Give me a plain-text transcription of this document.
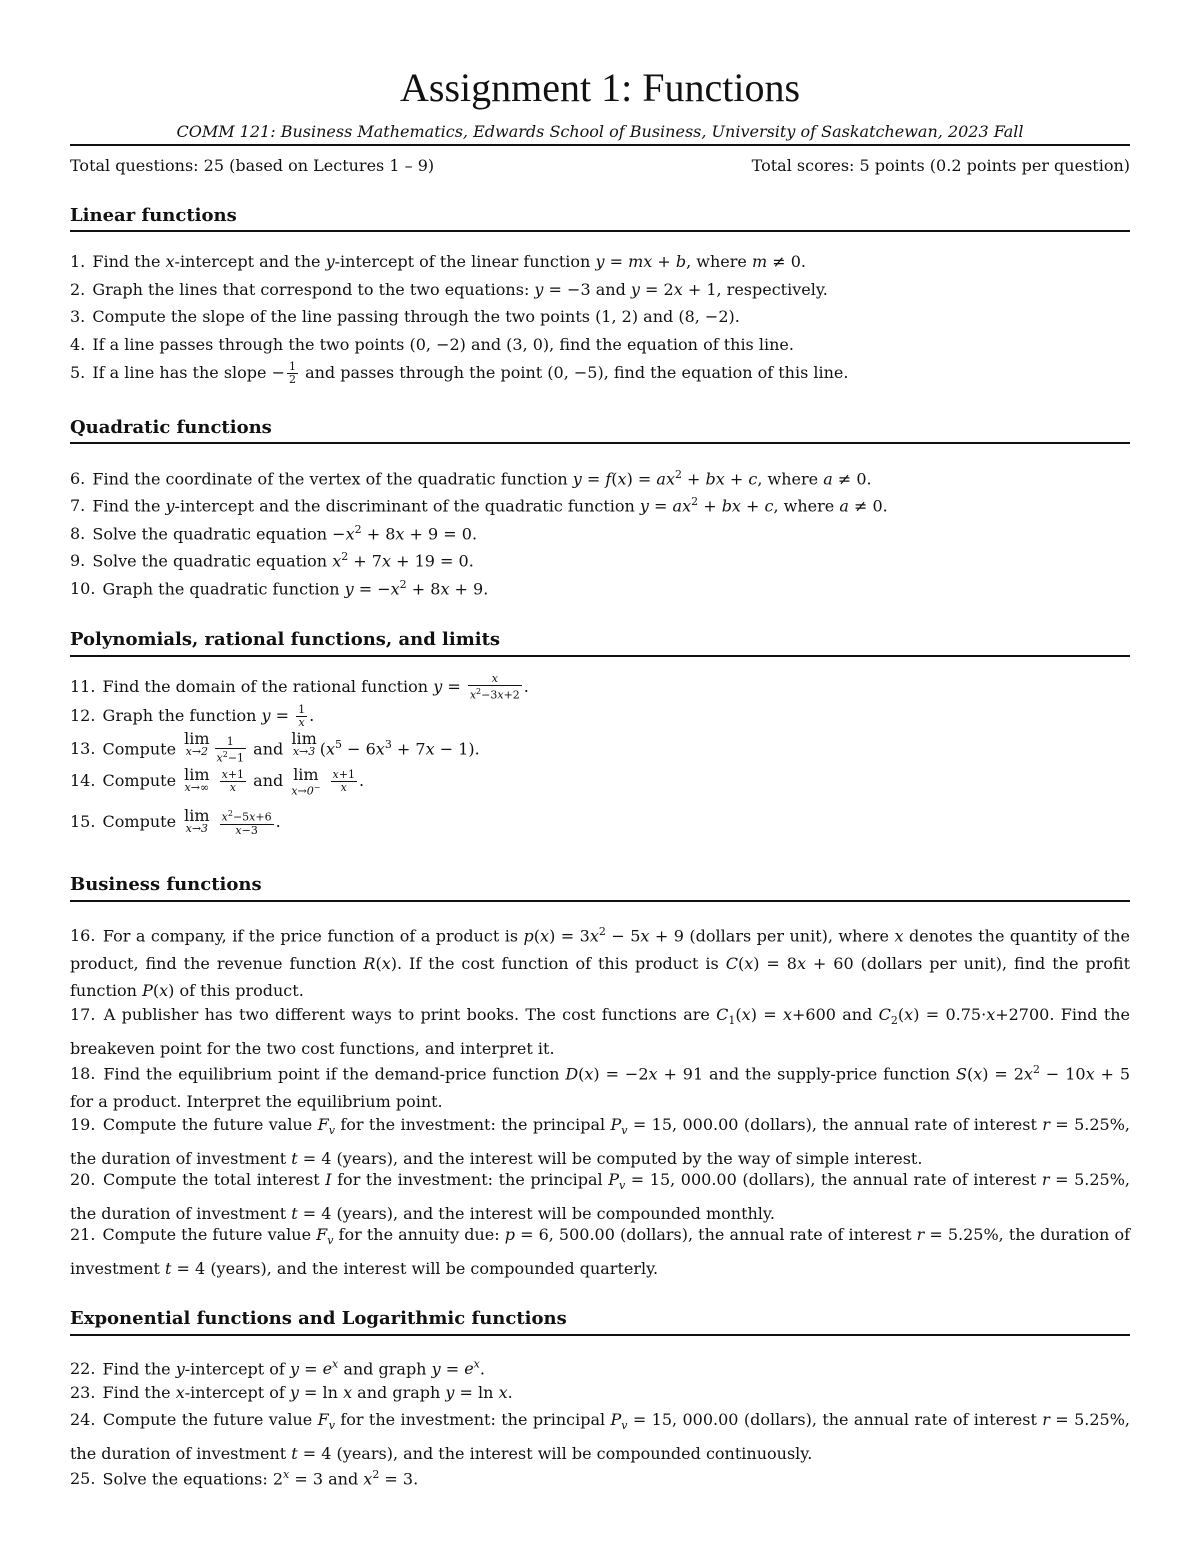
Assignment 1: Functions
COMM 121: Business Mathematics, Edwards School of Business, University of Saskatchewan, 2023 Fall
Total questions: 25 (based on Lectures 1 – 9)	Total scores: 5 points (0.2 points per question)
Linear functions
1. Find the x-intercept and the y-intercept of the linear function y = mx + b, where m ≠ 0.
2. Graph the lines that correspond to the two equations: y = −3 and y = 2x + 1, respectively.
3. Compute the slope of the line passing through the two points (1, 2) and (8, −2).
4. If a line passes through the two points (0, −2) and (3, 0), find the equation of this line.
5. If a line has the slope − $\frac{1}{2}$ and passes through the point (0, −5), find the equation of this line.
Quadratic functions
6. Find the coordinate of the vertex of the quadratic function $y = f(x) = ax^2$ + bx + c, where a ≠ 0.
7. Find the y-intercept and the discriminant of the quadratic function $y = ax^2$ + bx + c, where a ≠ 0.
8. Solve the quadratic equation $-x^2 + 8x + 9 = 0$.
9. Solve the quadratic equation $x^2 + 7x + 19 = 0$.
10. Graph the quadratic function $y = -x^2 + 8x + 9$.
Polynomials, rational functions, and limits
11. Find the domain of the rational function $y = \frac{x}{x^2-3x+2}$ .
12. Graph the function $y = \frac{1}{x}$ .
13. Compute lim
$x\to 2 \frac{1}{x^2-1}$ and lim
x→3 $(x^5 - 6x^3 + 7x - 1)$.
14. Compute lim
x→∞
$\frac{x+1}{x}$ and lim
x→0−
$\frac{x+1}{x}$ .
15. Compute lim
x→3
$\frac{x^2-5x+6}{x-3}$ .
Business functions
16. For a company, if the price function of a product is $p(x) = 3x^2 - 5x + 9$ (dollars per unit), where x denotes the quantity of the product, find the revenue function R(x). If the cost function of this product is C(x) = 8x + 60 (dollars per unit), find the profit function P(x) of this product.
17. A publisher has two different ways to print books. The cost functions are $C_1(x) = x+600$ and $C_2(x) = 0.75\cdot x+2700$. Find the breakeven point for the two cost functions, and interpret it.
18. Find the equilibrium point if the demand-price function D(x) = −2x + 91 and the supply-price function $S(x) = 2x^2 - 10x + 5$ for a product. Interpret the equilibrium point.
19. Compute the future value $F_v$ for the investment: the principal $P_v = 15$, 000.00 (dollars), the annual rate of interest r = 5.25%, the duration of investment t = 4 (years), and the interest will be computed by the way of simple interest.
20. Compute the total interest I for the investment: the principal $P_v = 15$, 000.00 (dollars), the annual rate of interest r = 5.25%, the duration of investment t = 4 (years), and the interest will be compounded monthly.
21. Compute the future value $F_v$ for the annuity due: p = 6, 500.00 (dollars), the annual rate of interest r = 5.25%, the duration of investment t = 4 (years), and the interest will be compounded quarterly.
Exponential functions and Logarithmic functions
22. Find the y-intercept of $y = e^x$ and graph $y = e^x$.
23. Find the x-intercept of y = ln x and graph y = ln x.
24. Compute the future value $F_v$ for the investment: the principal $P_v = 15$, 000.00 (dollars), the annual rate of interest r = 5.25%, the duration of investment t = 4 (years), and the interest will be compounded continuously.
25. Solve the equations: $2^x = 3$ and $x^2 = 3$.
